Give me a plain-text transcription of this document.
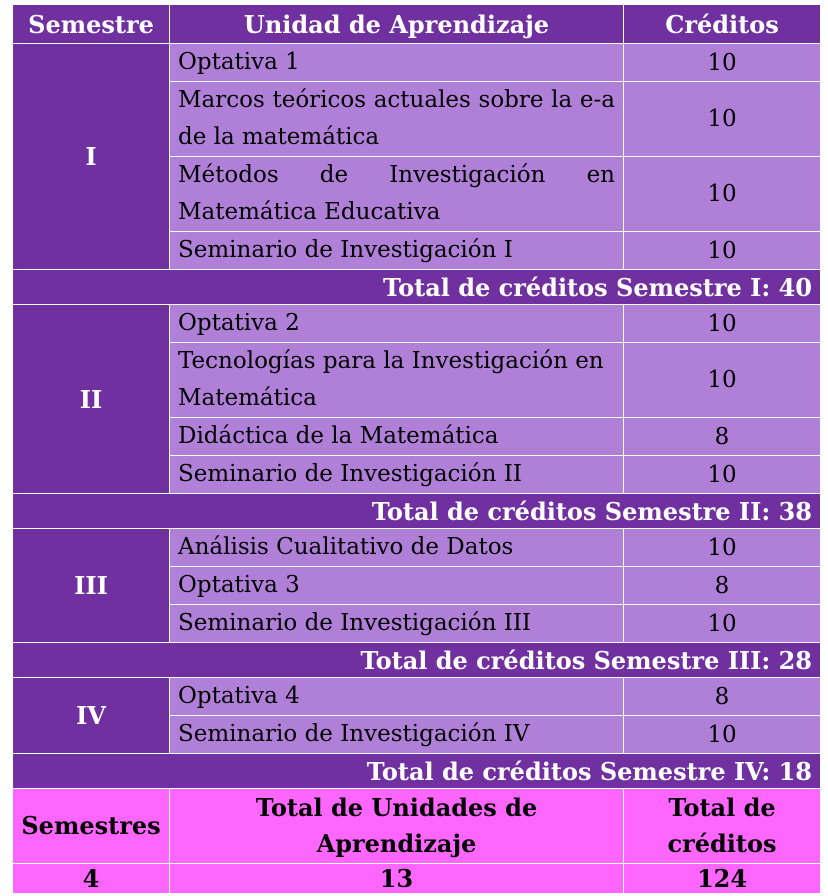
Semestre	Unidad de Aprendizaje	Créditos
I	Optativa 1	10
	Marcos teóricos actuales sobre la e-a de la matemática	10
	Métodos de Investigación en Matemática Educativa	10
	Seminario de Investigación I	10
Total de créditos Semestre I: 40		
II	Optativa 2	10
	Tecnologías para la Investigación en Matemática	10
	Didáctica de la Matemática	8
	Seminario de Investigación II	10
Total de créditos Semestre II: 38		
III	Análisis Cualitativo de Datos	10
	Optativa 3	8
	Seminario de Investigación III	10
Total de créditos Semestre III: 28		
IV	Optativa 4	8
	Seminario de Investigación IV	10
Total de créditos Semestre IV: 18		
Semestres	Total de Unidades de Aprendizaje	Total de créditos
4	13	124
